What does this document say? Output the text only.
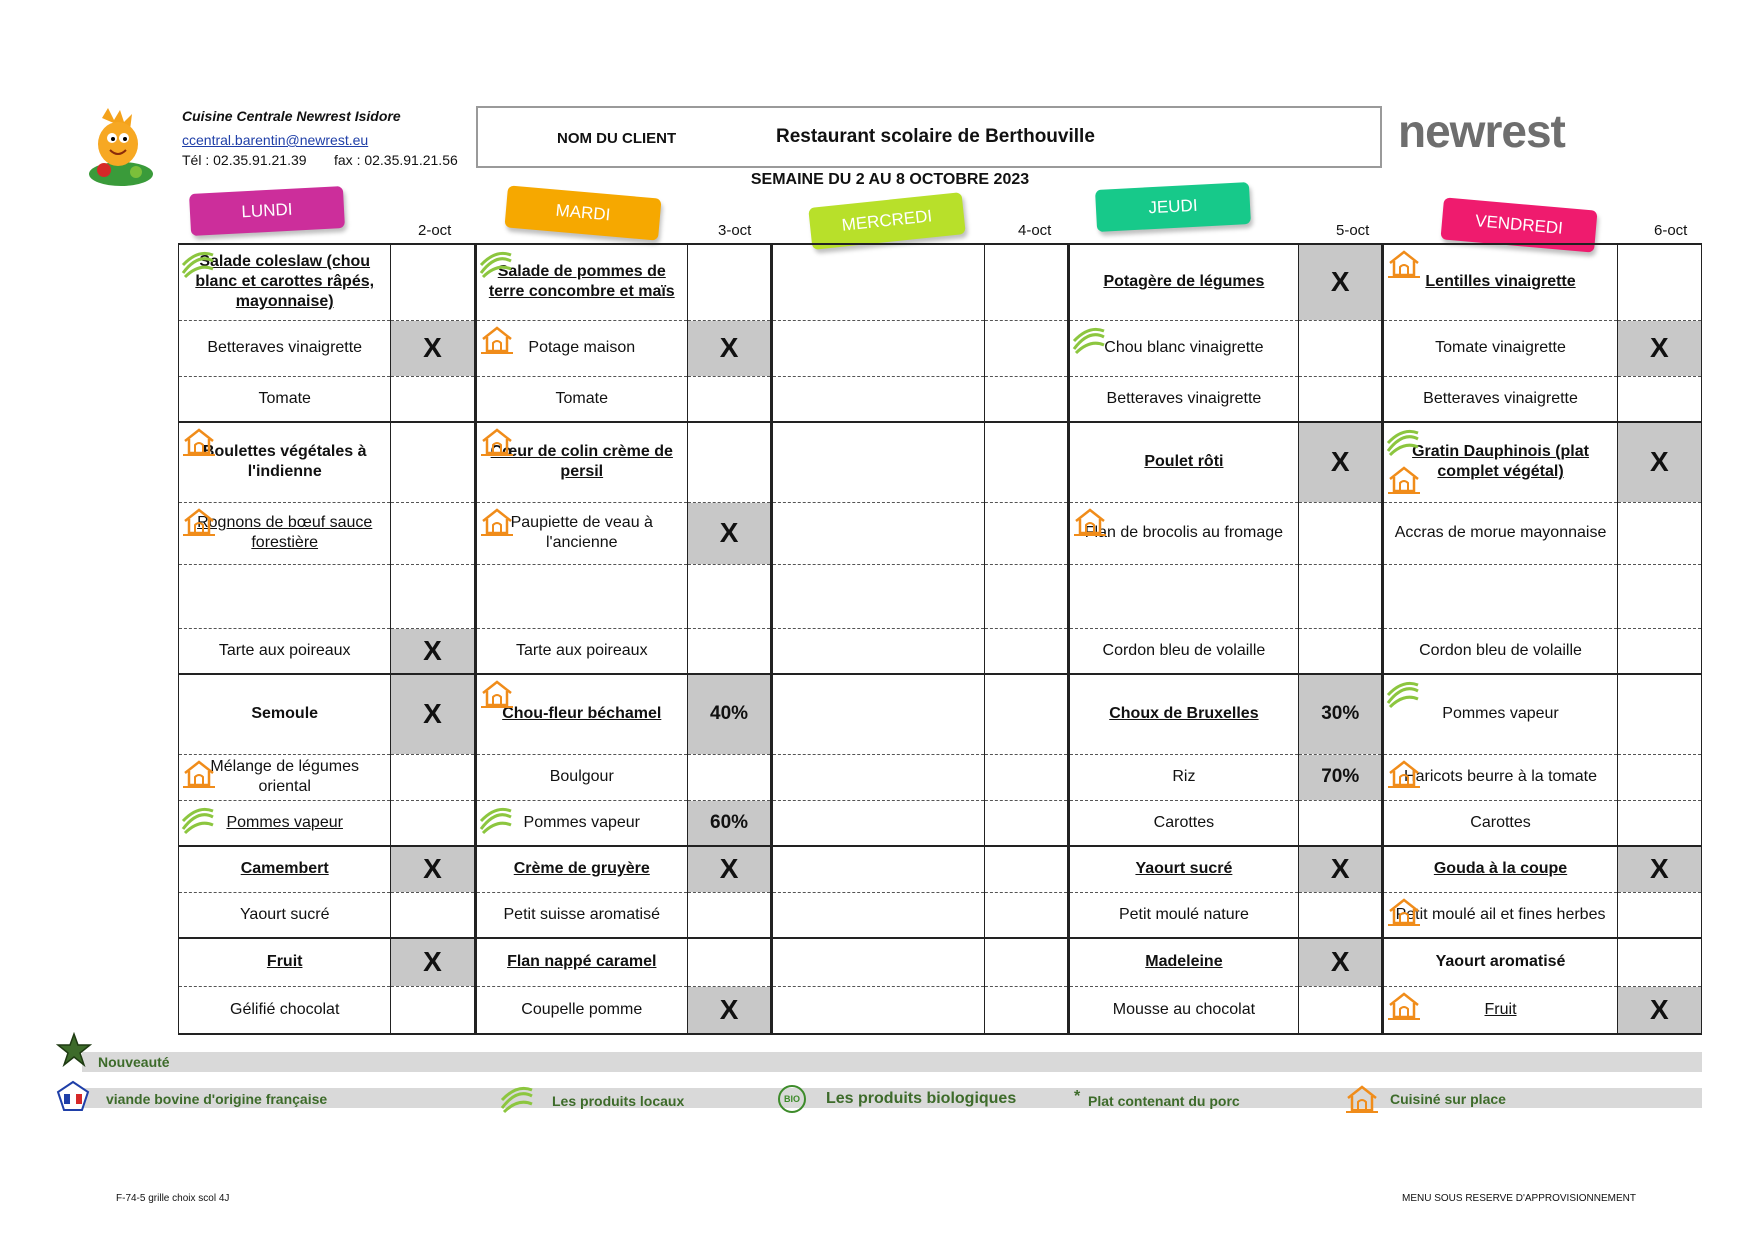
Cuisine Centrale Newrest Isidore
ccentral.barentin@newrest.eu
Tél : 02.35.91.21.39 fax : 02.35.91.21.56
NOM DU CLIENT	Restaurant scolaire de Berthouville
SEMAINE DU 2 AU 8 OCTOBRE 2023
newrest
LUNDI
2-oct
MARDI
3-oct	MERCREDI	4-oct
JEUDI
5-oct	VENDREDI	6-oct
Salade coleslaw (chou blanc et carottes râpés, mayonnaise)		Salade de pommes de terre concombre et maïs				Potagère de légumes	X	Lentilles vinaigrette

Betteraves vinaigrette	X	Potage maison	X			Chou blanc vinaigrette		Tomate vinaigrette	X
Tomate		Tomate				Betteraves vinaigrette		Betteraves vinaigrette	
Boulettes végétales à l'indienne		Cœur de colin crème de persil				Poulet rôti	X	Gratin Dauphinois (plat complet végétal)	X
Rognons de bœuf sauce forestière		Paupiette de veau à l'ancienne	X			Flan de brocolis au fromage		Accras de morue mayonnaise	

Tarte aux poireaux	X	Tarte aux poireaux				Cordon bleu de volaille		Cordon bleu de volaille	
Semoule	X	Chou-fleur béchamel	40%			Choux de Bruxelles	30%	Pommes vapeur

Mélange de légumes oriental		Boulgour				Riz	70%	Haricots beurre à la tomate

Pommes vapeur		Pommes vapeur	60%			Carottes		Carottes	
Camembert	X	Crème de gruyère	X			Yaourt sucré	X	Gouda à la coupe	X
Yaourt sucré		Petit suisse aromatisé				Petit moulé nature		Petit moulé ail et fines herbes

Fruit	X	Flan nappé caramel				Madeleine	X	Yaourt aromatisé	
Gélifié chocolat		Coupelle pomme	X			Mousse au chocolat		Fruit	X
Nouveauté
viande bovine d'origine française	Les produits locaux	BIO	Les produits biologiques	* Plat contenant du porc	Cuisiné sur place
F-74-5 grille choix scol 4J	MENU SOUS RESERVE D'APPROVISIONNEMENT
